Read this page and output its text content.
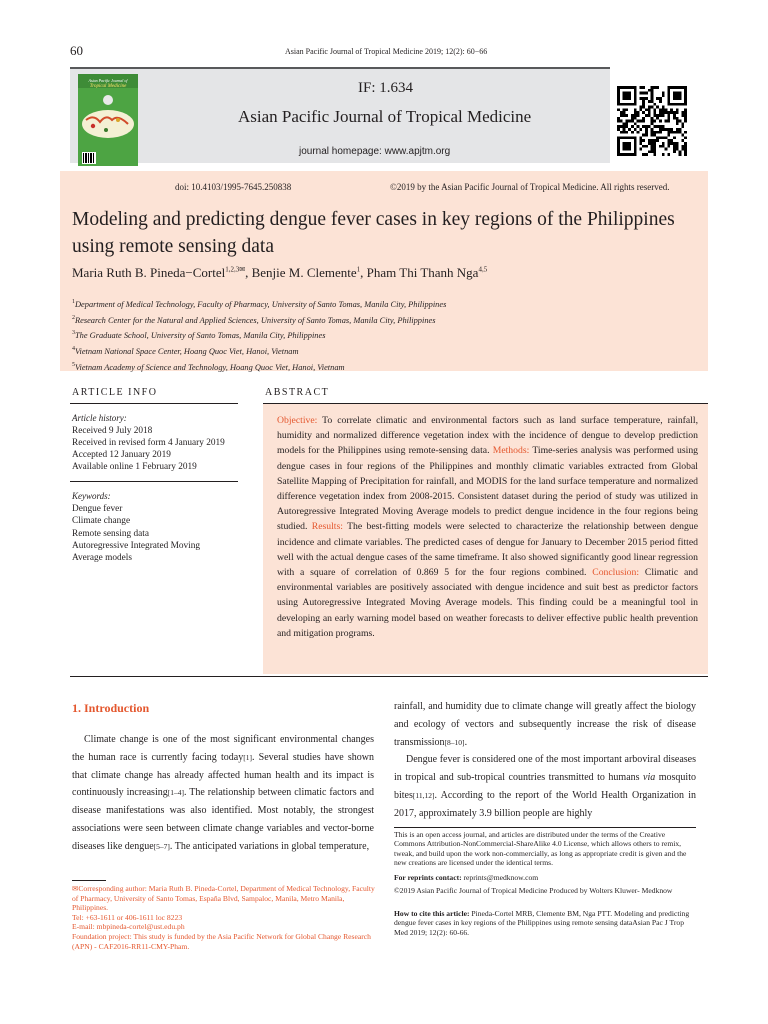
60	Asian Pacific Journal of Tropical Medicine 2019; 12(2): 60−66
Asian Pacific Journal of
Tropical Medicine	IF: 1.634
Asian Pacific Journal of Tropical Medicine
journal homepage: www.apjtm.org
doi: 10.4103/1995-7645.250838	©2019 by the Asian Pacific Journal of Tropical Medicine. All rights reserved.
Modeling and predicting dengue fever cases in key regions of the Philippines using remote sensing data
Maria Ruth B. Pineda−Cortel$^{1,2,3✉}$, Benjie M. Clemente$^1$, Pham Thi Thanh Nga$^{4,5}$
$^1$Department of Medical Technology, Faculty of Pharmacy, University of Santo Tomas, Manila City, Philippines
$^2$Research Center for the Natural and Applied Sciences, University of Santo Tomas, Manila City, Philippines
$^3$The Graduate School, University of Santo Tomas, Manila City, Philippines
$^4$Vietnam National Space Center, Hoang Quoc Viet, Hanoi, Vietnam
$^5$Vietnam Academy of Science and Technology, Hoang Quoc Viet, Hanoi, Vietnam
ARTICLE INFO	ABSTRACT
Article history:
Received 9 July 2018
Received in revised form 4 January 2019
Accepted 12 January 2019
Available online 1 February 2019
Keywords:
Dengue fever
Climate change
Remote sensing data
Autoregressive Integrated Moving
Average models
Objective: To correlate climatic and environmental factors such as land surface temperature, rainfall, humidity and normalized difference vegetation index with the incidence of dengue to develop prediction models for the Philippines using remote-sensing data. Methods: Time-series analysis was performed using dengue cases in four regions of the Philippines and monthly climatic variables extracted from Global Satellite Mapping of Precipitation for rainfall, and MODIS for the land surface temperature and normalized difference vegetation index from 2008-2015. Consistent dataset during the period of study was utilized in Autoregressive Integrated Moving Average models to predict dengue incidence in the four regions being studied. Results: The best-fitting models were selected to characterize the relationship between dengue incidence and climate variables. The predicted cases of dengue for January to December 2015 period fitted well with the actual dengue cases of the same timeframe. It also showed significantly good linear regression with a square of correlation of 0.869 5 for the four regions combined. Conclusion: Climatic and environmental variables are positively associated with dengue incidence and suit best as predictor factors using Autoregressive Integrated Moving Average models. This finding could be a meaningful tool in developing an early warning model based on weather forecasts to deliver effective public health prevention and mitigation programs.
1. Introduction

Climate change is one of the most significant environmental changes the human race is currently facing today[1]. Several studies have shown that climate change has already affected human health and its impact is continuously increasing[1–4]. The relationship between climatic factors and disease manifestations was also identified. Most notably, the strongest associations were seen between climate change variables and vector-borne diseases like dengue[5–7]. The anticipated variations in global temperature,

rainfall, and humidity due to climate change will greatly affect the biology and ecology of vectors and subsequently increase the risk of disease transmission[8–10].

Dengue fever is considered one of the most important arboviral diseases in tropical and sub-tropical countries transmitted to humans via mosquito bites[11,12]. According to the report of the World Health Organization in 2017, approximately 3.9 billion people are highly

This is an open access journal, and articles are distributed under the terms of the Creative Commons Attribution-NonCommercial-ShareAlike 4.0 License, which allows others to remix, tweak, and build upon the work non-commercially, as long as appropriate credit is given and the new creations are licensed under the identical terms.
For reprints contact: reprints@medknow.com
©2019 Asian Pacific Journal of Tropical Medicine Produced by Wolters Kluwer- Medknow
How to cite this article: Pineda-Cortel MRB, Clemente BM, Nga PTT. Modeling and predicting dengue fever cases in key regions of the Philippines using remote sensing dataAsian Pac J Trop Med 2019; 12(2): 60-66.
✉Corresponding author: Maria Ruth B. Pineda-Cortel, Department of Medical Technology, Faculty of Pharmacy, University of Santo Tomas, España Blvd, Sampaloc, Manila, Metro Manila, Philippines.
Tel: +63-1611 or 406-1611 loc 8223
E-mail: mbpineda-cortel@ust.edu.ph
Foundation project: This study is funded by the Asia Pacific Network for Global Change Research (APN) - CAF2016-RR11-CMY-Pham.
